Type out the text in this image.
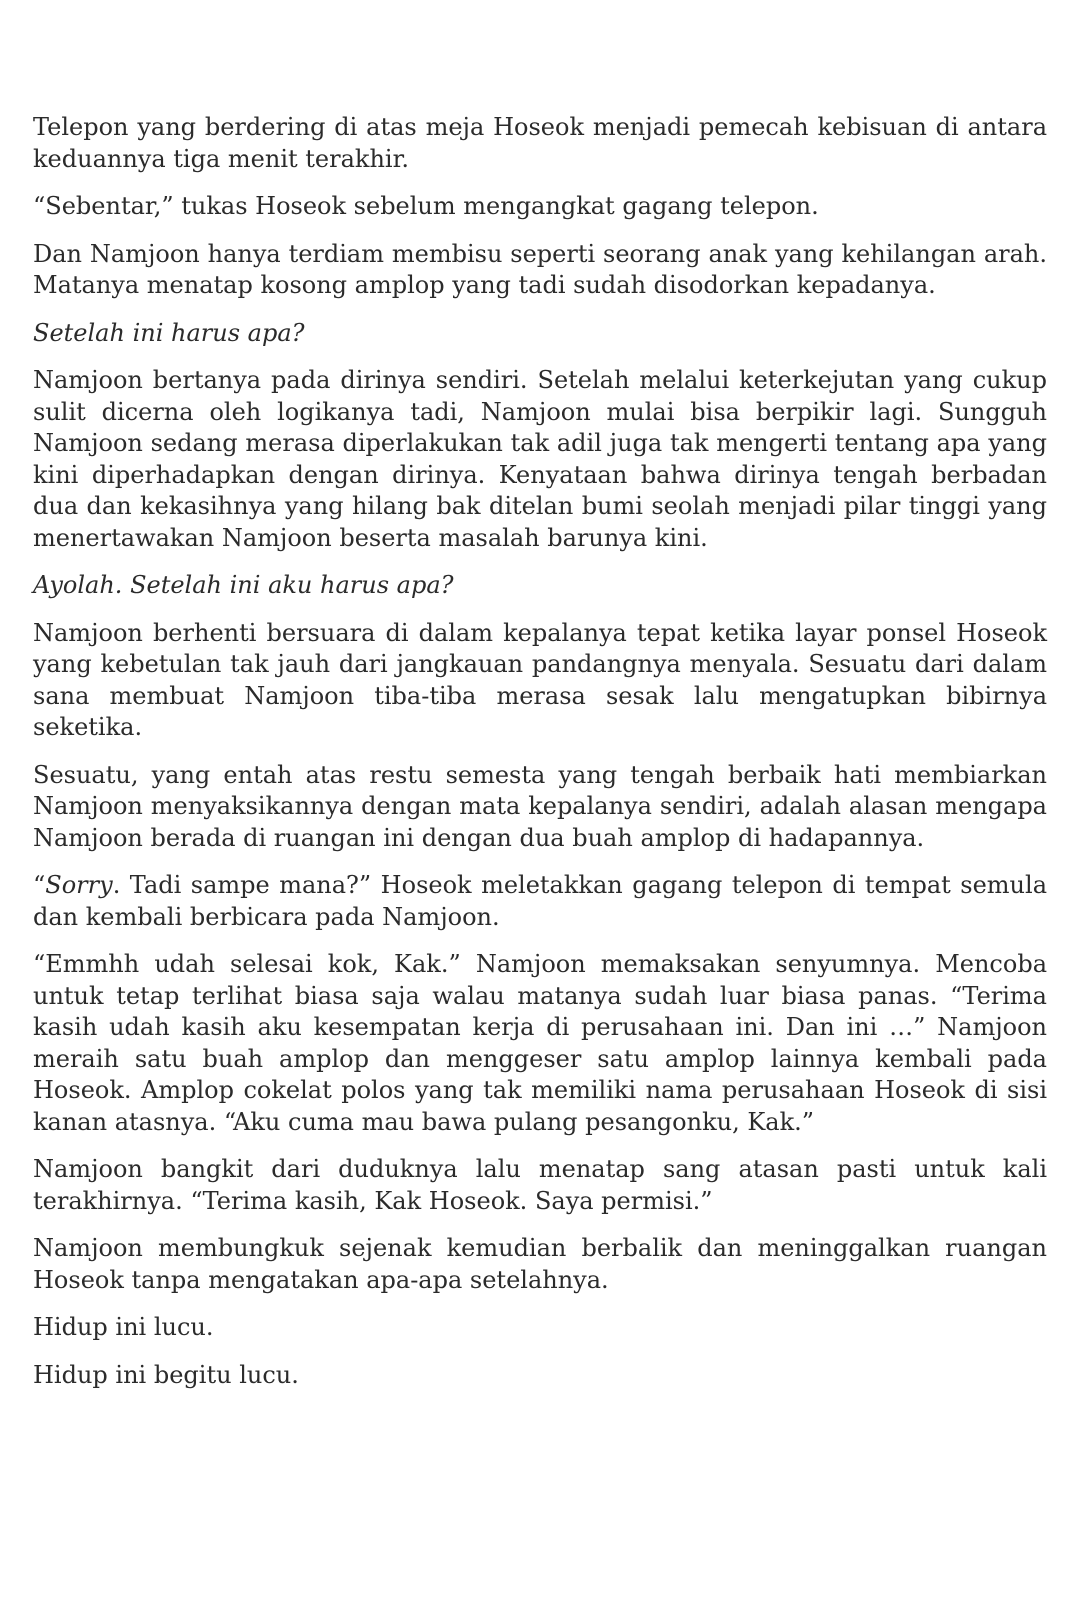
Telepon yang berdering di atas meja Hoseok menjadi pemecah kebisuan di antara keduannya tiga menit terakhir.

“Sebentar,” tukas Hoseok sebelum mengangkat gagang telepon.

Dan Namjoon hanya terdiam membisu seperti seorang anak yang kehilangan arah. Matanya menatap kosong amplop yang tadi sudah disodorkan kepadanya.

Setelah ini harus apa?

Namjoon bertanya pada dirinya sendiri. Setelah melalui keterkejutan yang cukup sulit dicerna oleh logikanya tadi, Namjoon mulai bisa berpikir lagi. Sungguh Namjoon sedang merasa diperlakukan tak adil juga tak mengerti tentang apa yang kini diperhadapkan dengan dirinya. Kenyataan bahwa dirinya tengah berbadan dua dan kekasihnya yang hilang bak ditelan bumi seolah menjadi pilar tinggi yang menertawakan Namjoon beserta masalah barunya kini.

Ayolah. Setelah ini aku harus apa?

Namjoon berhenti bersuara di dalam kepalanya tepat ketika layar ponsel Hoseok yang kebetulan tak jauh dari jangkauan pandangnya menyala. Sesuatu dari dalam sana membuat Namjoon tiba-tiba merasa sesak lalu mengatupkan bibirnya seketika.

Sesuatu, yang entah atas restu semesta yang tengah berbaik hati membiarkan Namjoon menyaksikannya dengan mata kepalanya sendiri, adalah alasan mengapa Namjoon berada di ruangan ini dengan dua buah amplop di hadapannya.

“Sorry. Tadi sampe mana?” Hoseok meletakkan gagang telepon di tempat semula dan kembali berbicara pada Namjoon.

“Emmhh udah selesai kok, Kak.” Namjoon memaksakan senyumnya. Mencoba untuk tetap terlihat biasa saja walau matanya sudah luar biasa panas. “Terima kasih udah kasih aku kesempatan kerja di perusahaan ini. Dan ini …” Namjoon meraih satu buah amplop dan menggeser satu amplop lainnya kembali pada Hoseok. Amplop cokelat polos yang tak memiliki nama perusahaan Hoseok di sisi kanan atasnya. “Aku cuma mau bawa pulang pesangonku, Kak.”

Namjoon bangkit dari duduknya lalu menatap sang atasan pasti untuk kali terakhirnya. “Terima kasih, Kak Hoseok. Saya permisi.”

Namjoon membungkuk sejenak kemudian berbalik dan meninggalkan ruangan Hoseok tanpa mengatakan apa-apa setelahnya.

Hidup ini lucu.

Hidup ini begitu lucu.
